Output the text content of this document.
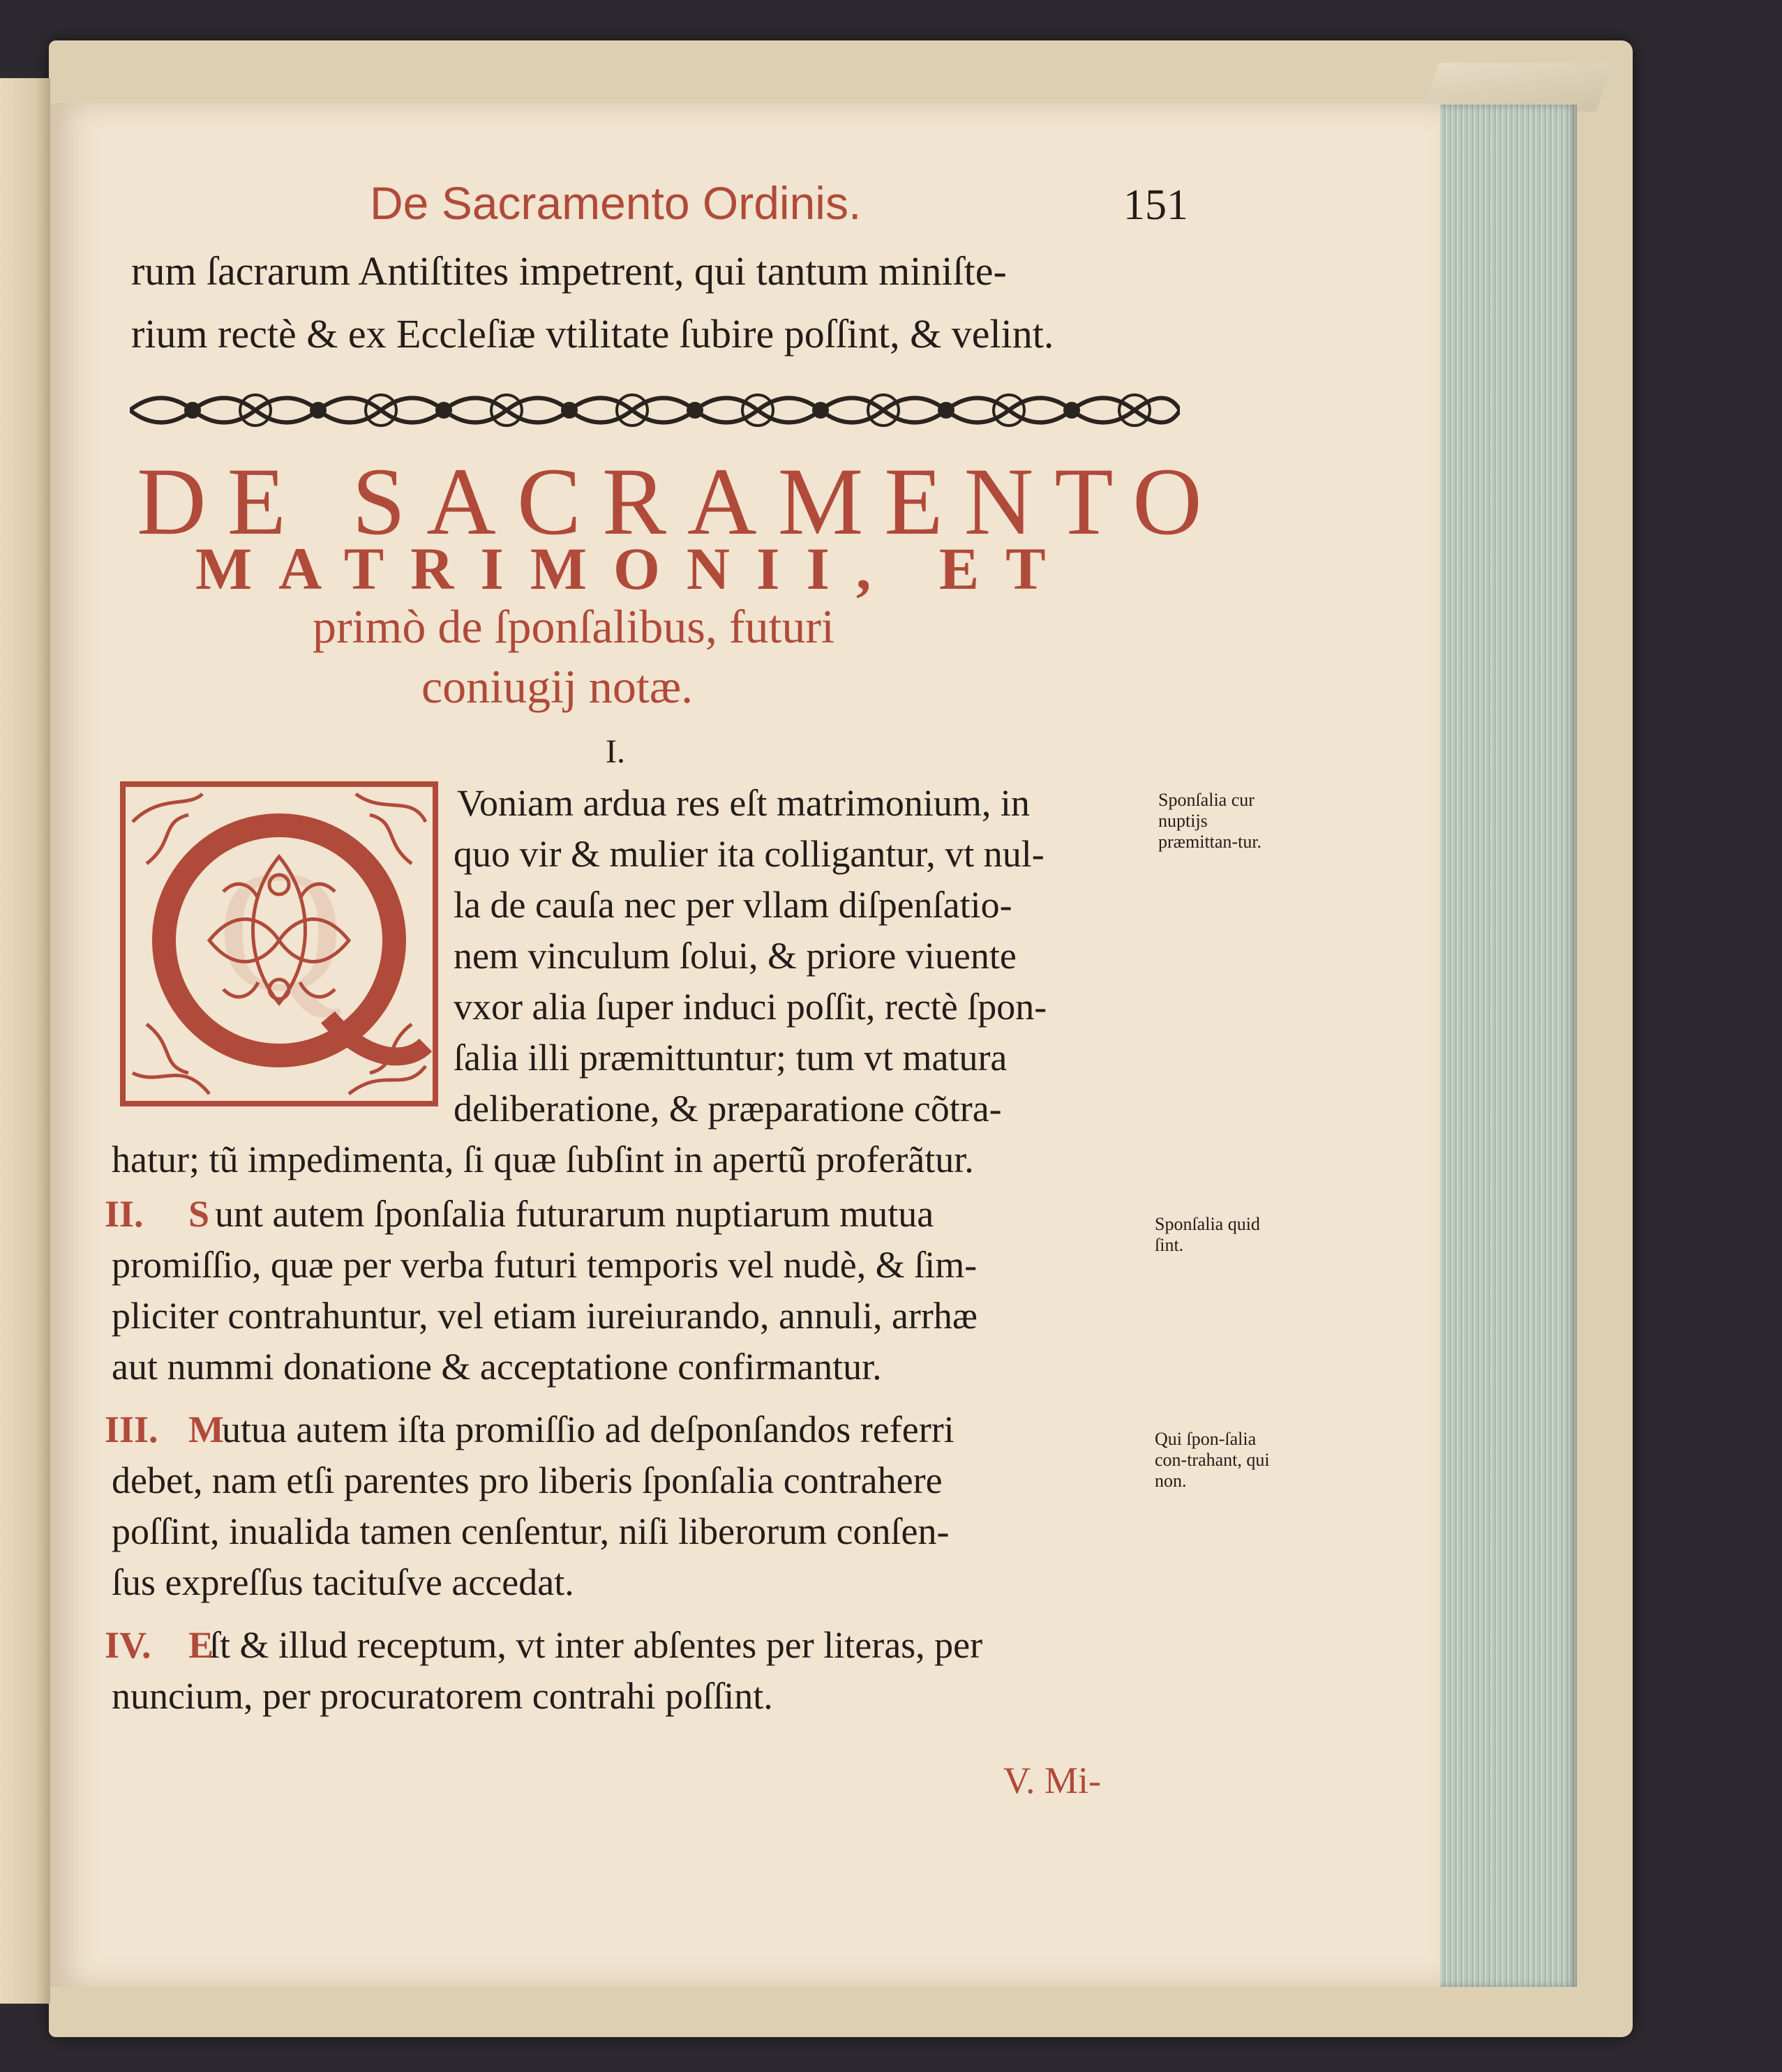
De Sacramento Ordinis.	151

rum ſacrarum Antiſtites impetrent, qui tantum miniſte-

rium rectè & ex Eccleſiæ vtilitate ſubire poſſint, & velint.

DE SACRAMENTO

MATRIMONII, ET

primò de ſponſalibus, futuri

coniugij notæ.

I.

Q

Voniam ardua res eſt matrimonium, in

quo vir & mulier ita colligantur, vt nul-

la de cauſa nec per vllam diſpenſatio-

nem vinculum ſolui, & priore viuente

vxor alia ſuper induci poſſit, rectè ſpon-

ſalia illi præmittuntur; tum vt matura

deliberatione, & præparatione cõtra-

hatur; tũ impedimenta, ſi quæ ſubſint in apertũ proferãtur.

II. S unt autem ſponſalia futurarum nuptiarum mutua

promiſſio, quæ per verba futuri temporis vel nudè, & ſim-

pliciter contrahuntur, vel etiam iureiurando, annuli, arrhæ

aut nummi donatione & acceptatione confirmantur.

III. M

utua autem iſta promiſſio ad deſponſandos referri

debet, nam etſi parentes pro liberis ſponſalia contrahere

poſſint, inualida tamen cenſentur, niſi liberorum conſen-

ſus expreſſus tacituſve accedat.

IV. E

ſt & illud receptum, vt inter abſentes per literas, per

nuncium, per procuratorem contrahi poſſint.

Sponſalia cur nuptijs præmittan-tur.

Sponſalia quid ſint.

Qui ſpon-ſalia con-trahant, qui non.

V. Mi-
